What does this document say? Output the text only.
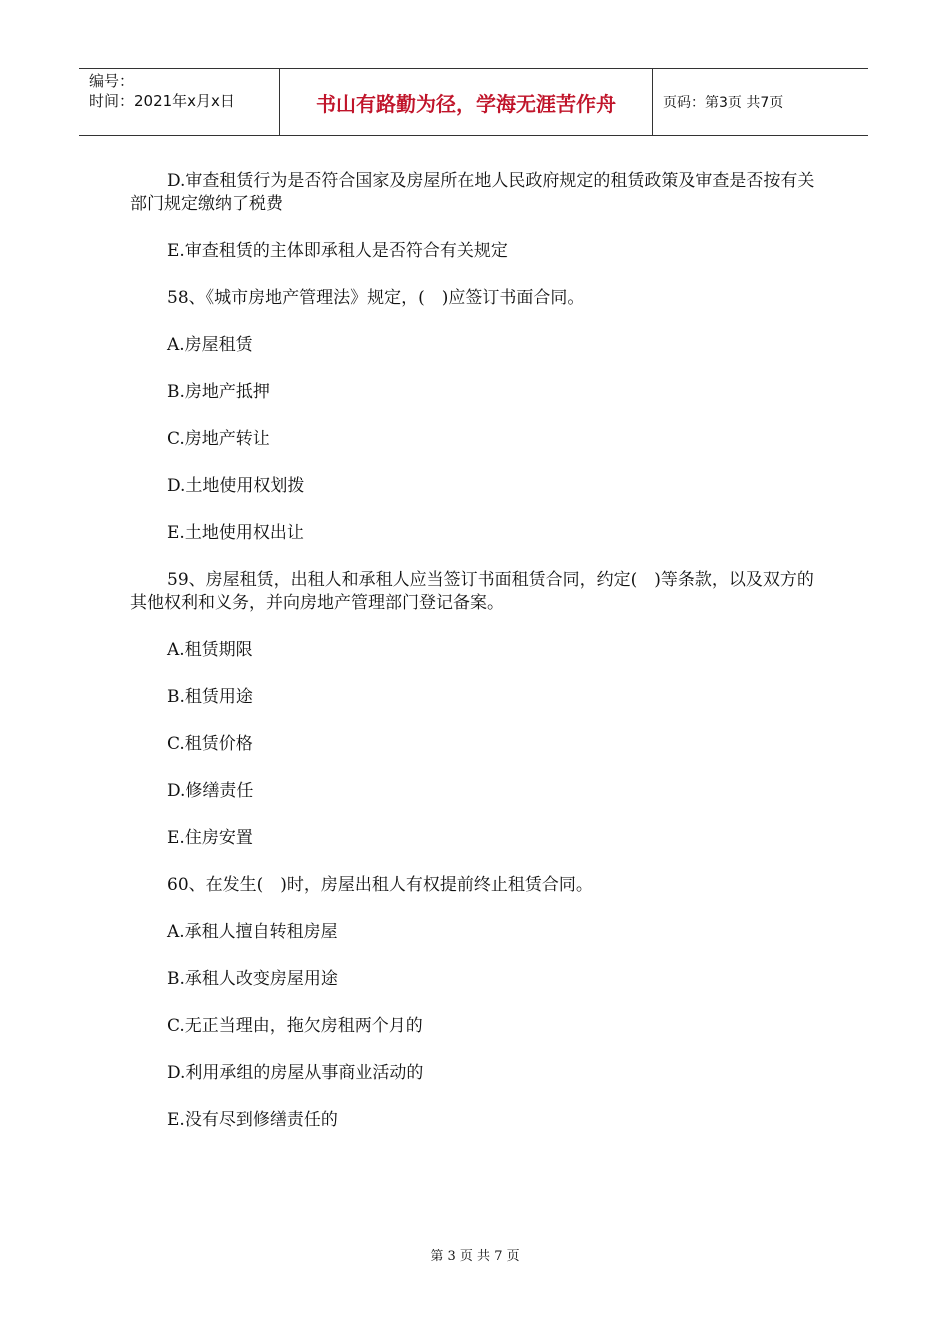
编号：
时间：2021年x月x日	书山有路勤为径，学海无涯苦作舟	页码：第3页 共7页

D.审查租赁行为是否符合国家及房屋所在地人民政府规定的租赁政策及审查是否按有关部门规定缴纳了税费

E.审查租赁的主体即承租人是否符合有关规定

58、《城市房地产管理法》规定，(　)应签订书面合同。

A.房屋租赁

B.房地产抵押

C.房地产转让

D.土地使用权划拨

E.土地使用权出让

59、房屋租赁，出租人和承租人应当签订书面租赁合同，约定(　)等条款，以及双方的其他权利和义务，并向房地产管理部门登记备案。

A.租赁期限

B.租赁用途

C.租赁价格

D.修缮责任

E.住房安置

60、在发生(　)时，房屋出租人有权提前终止租赁合同。

A.承租人擅自转租房屋

B.承租人改变房屋用途

C.无正当理由，拖欠房租两个月的

D.利用承组的房屋从事商业活动的

E.没有尽到修缮责任的

第 3 页 共 7 页
